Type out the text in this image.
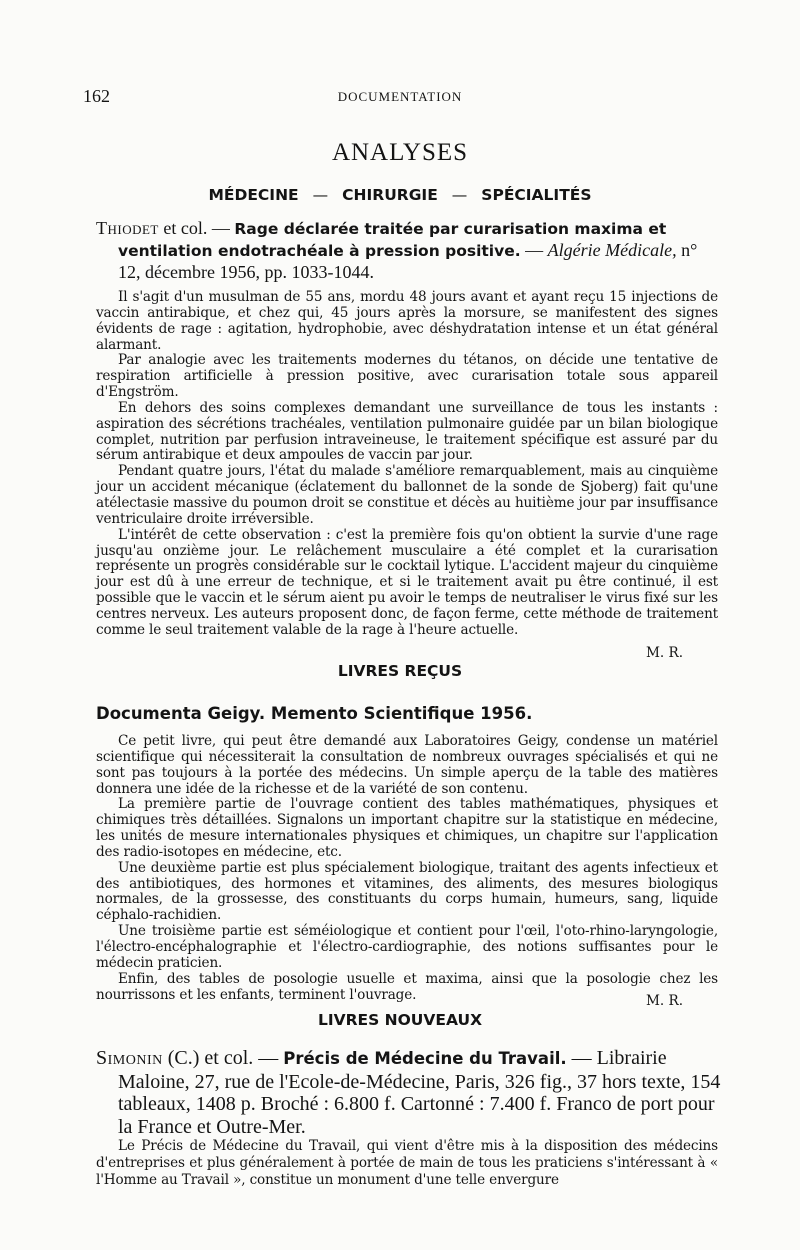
162	DOCUMENTATION
ANALYSES
MÉDECINE — CHIRURGIE — SPÉCIALITÉS
Thiodet et col. — Rage déclarée traitée par curarisation maxima et ventilation endotrachéale à pression positive. — Algérie Médicale, n° 12, décembre 1956, pp. 1033-1044.

Il s'agit d'un musulman de 55 ans, mordu 48 jours avant et ayant reçu 15 injections de vaccin antirabique, et chez qui, 45 jours après la morsure, se manifestent des signes évidents de rage : agitation, hydrophobie, avec déshydratation intense et un état général alarmant.

Par analogie avec les traitements modernes du tétanos, on décide une tentative de respiration artificielle à pression positive, avec curarisation totale sous appareil d'Engström.

En dehors des soins complexes demandant une surveillance de tous les instants : aspiration des sécrétions trachéales, ventilation pulmonaire guidée par un bilan biologique complet, nutrition par perfusion intraveineuse, le traitement spécifique est assuré par du sérum antirabique et deux ampoules de vaccin par jour.

Pendant quatre jours, l'état du malade s'améliore remarquablement, mais au cinquième jour un accident mécanique (éclatement du ballonnet de la sonde de Sjoberg) fait qu'une atélectasie massive du poumon droit se constitue et décès au huitième jour par insuffisance ventriculaire droite irréversible.

L'intérêt de cette observation : c'est la première fois qu'on obtient la survie d'une rage jusqu'au onzième jour. Le relâchement musculaire a été complet et la curarisation représente un progrès considérable sur le cocktail lytique. L'accident majeur du cinquième jour est dû à une erreur de technique, et si le traitement avait pu être continué, il est possible que le vaccin et le sérum aient pu avoir le temps de neutraliser le virus fixé sur les centres nerveux. Les auteurs proposent donc, de façon ferme, cette méthode de traitement comme le seul traitement valable de la rage à l'heure actuelle.

M. R.
LIVRES REÇUS
Documenta Geigy. Memento Scientifique 1956.

Ce petit livre, qui peut être demandé aux Laboratoires Geigy, condense un matériel scientifique qui nécessiterait la consultation de nombreux ouvrages spécialisés et qui ne sont pas toujours à la portée des médecins. Un simple aperçu de la table des matières donnera une idée de la richesse et de la variété de son contenu.

La première partie de l'ouvrage contient des tables mathématiques, physiques et chimiques très détaillées. Signalons un important chapitre sur la statistique en médecine, les unités de mesure internationales physiques et chimiques, un chapitre sur l'application des radio-isotopes en médecine, etc.

Une deuxième partie est plus spécialement biologique, traitant des agents infectieux et des antibiotiques, des hormones et vitamines, des aliments, des mesures biologiqus normales, de la grossesse, des constituants du corps humain, humeurs, sang, liquide céphalo-rachidien.

Une troisième partie est séméiologique et contient pour l'œil, l'oto-rhino-laryngologie, l'électro-encéphalographie et l'électro-cardiographie, des notions suffisantes pour le médecin praticien.

Enfin, des tables de posologie usuelle et maxima, ainsi que la posologie chez les nourrissons et les enfants, terminent l'ouvrage.	M. R.
LIVRES NOUVEAUX
Simonin (C.) et col. — Précis de Médecine du Travail. — Librairie Maloine, 27, rue de l'Ecole-de-Médecine, Paris, 326 fig., 37 hors texte, 154 tableaux, 1408 p. Broché : 6.800 f. Cartonné : 7.400 f. Franco de port pour la France et Outre-Mer.

Le Précis de Médecine du Travail, qui vient d'être mis à la disposition des médecins d'entreprises et plus généralement à portée de main de tous les praticiens s'intéressant à « l'Homme au Travail », constitue un monument d'une telle envergure
